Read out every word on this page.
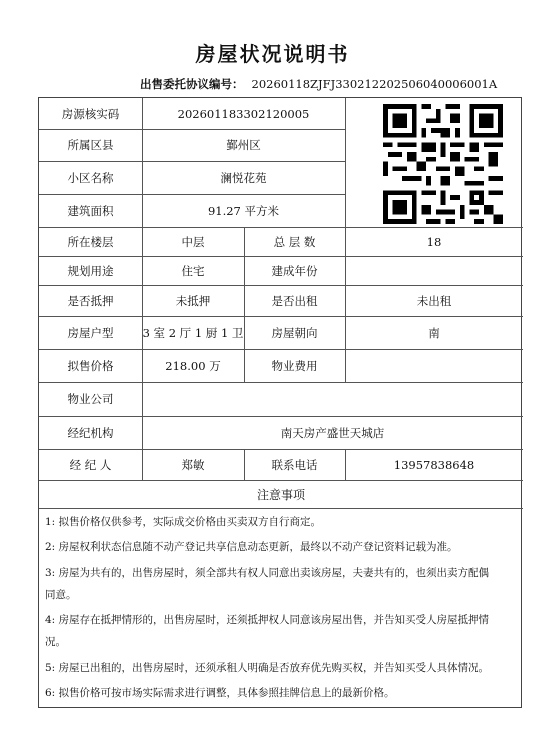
房屋状况说明书
出售委托协议编号： 20260118ZJFJ330212202506040006001A
房源核实码	202601183302120005
所属区县	鄞州区
小区名称	澜悦花苑
建筑面积	91.27 平方米
所在楼层	中层	总 层 数	18
规划用途	住宅	建成年份
是否抵押	未抵押	是否出租	未出租
房屋户型	3 室 2 厅 1 厨 1 卫	房屋朝向	南
拟售价格	218.00 万	物业费用
物业公司
经纪机构	南天房产盛世天城店
经 纪 人	郑敏	联系电话	13957838648
注意事项
1: 拟售价格仅供参考，实际成交价格由买卖双方自行商定。
2: 房屋权利状态信息随不动产登记共享信息动态更新，最终以不动产登记资料记载为准。
3: 房屋为共有的，出售房屋时，须全部共有权人同意出卖该房屋，夫妻共有的，也须出卖方配偶
同意。
4: 房屋存在抵押情形的，出售房屋时，还须抵押权人同意该房屋出售，并告知买受人房屋抵押情
况。
5: 房屋已出租的，出售房屋时，还须承租人明确是否放弃优先购买权，并告知买受人具体情况。
6: 拟售价格可按市场实际需求进行调整，具体参照挂牌信息上的最新价格。
